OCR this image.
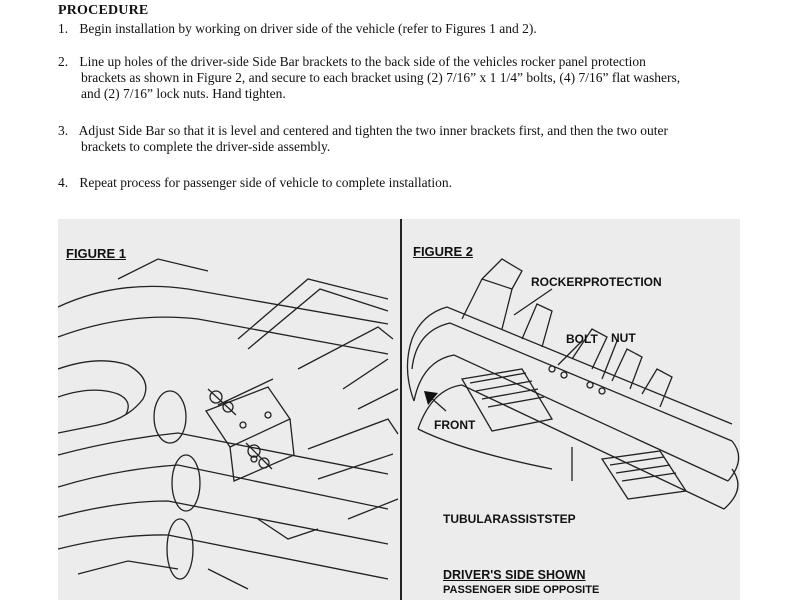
PROCEDURE
1. Begin installation by working on driver side of the vehicle (refer to Figures 1 and 2).
2. Line up holes of the driver-side Side Bar brackets to the back side of the vehicles rocker panel protection
brackets as shown in Figure 2, and secure to each bracket using (2) 7/16” x 1 1/4” bolts, (4) 7/16” flat washers,
and (2) 7/16” lock nuts. Hand tighten.
3. Adjust Side Bar so that it is level and centered and tighten the two inner brackets first, and then the two outer
brackets to complete the driver-side assembly.
4. Repeat process for passenger side of vehicle to complete installation.
FIGURE 1	FIGURE 2
ROCKERPROTECTION
BOLT NUT
FRONT
TUBULARASSISTSTEP
DRIVER'S SIDE SHOWN
PASSENGER SIDE OPPOSITE
